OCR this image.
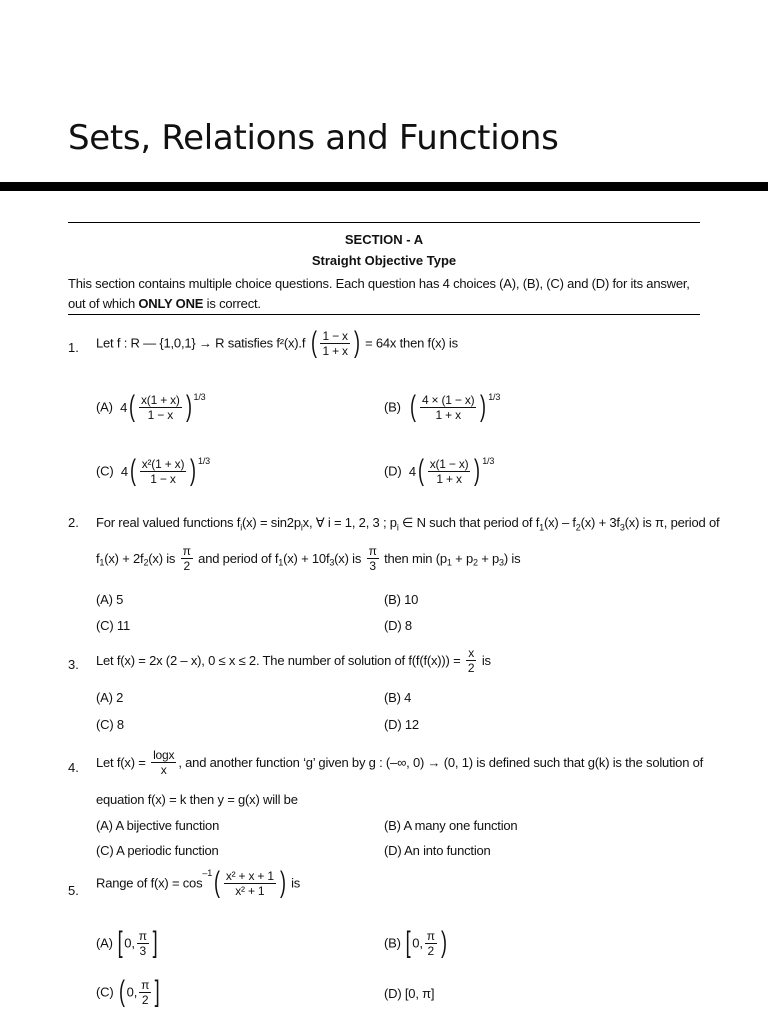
Sets, Relations and Functions
SECTION - A
Straight Objective Type
This section contains multiple choice questions. Each question has 4 choices (A), (B), (C) and (D) for its answer, out of which ONLY ONE is correct.
1. Let f : R — {1,0,1} → R satisfies f²(x).f ( $\frac{1 - x}{1 + x}$ ) = 64x then f(x) is
(A) $4( \frac{x(1 + x)}{1 - x}$ ) $^{1/3}$
(B) ( $\frac{4 \times (1 - x)}{1 + x}$ ) $^{1/3}$
(C) $4( \frac{\text{x²(1 + x)}}{1 - x}$ ) $^{1/3}$
(D) $4( \frac{x(1 - x)}{1 + x}$ ) $^{1/3}$
2. For real valued functions $f_i(x) = \sin 2p_ix$, ∀ i = 1, 2, 3 ; $p_i$ ∈ N such that period of $f_1(x) - f_2(x) + 3f_3(x)$ is π, period of
$f_1(x) + 2f_2(x)$ is $\frac{\pi}{2}$ and period of $f_1(x) + 10f_3(x)$ is $\frac{\pi}{3}$ then $\min (p_1 + p_2 + p_3)$ is
(A) 5	(B) 10
(C) 11	(D) 8
3. Let f(x) = 2x (2 – x), 0 ≤ x ≤ 2. The number of solution of $f(f(f(x))) = \frac{x}{2}$ is
(A) 2	(B) 4
(C) 8	(D) 12
4. Let $f(x) = \frac{\log x}{x}$ , and another function ‘g’ given by g : (–∞, 0) → (0, 1) is defined such that g(k) is the solution of
equation f(x) = k then y = g(x) will be
(A) A bijective function	(B) A many one function
(C) A periodic function	(D) An into function
5. Range of $f(x) = \cos^{-1}( \frac{\text{x² + x + 1}}{\text{x² + 1}}$ ) is
(A) [ 0, $\frac{\pi}{3}$ ]	(B) [ 0, $\frac{\pi}{2}$ )
(C) ( 0, $\frac{\pi}{2}$ ]	(D) [0, π]
